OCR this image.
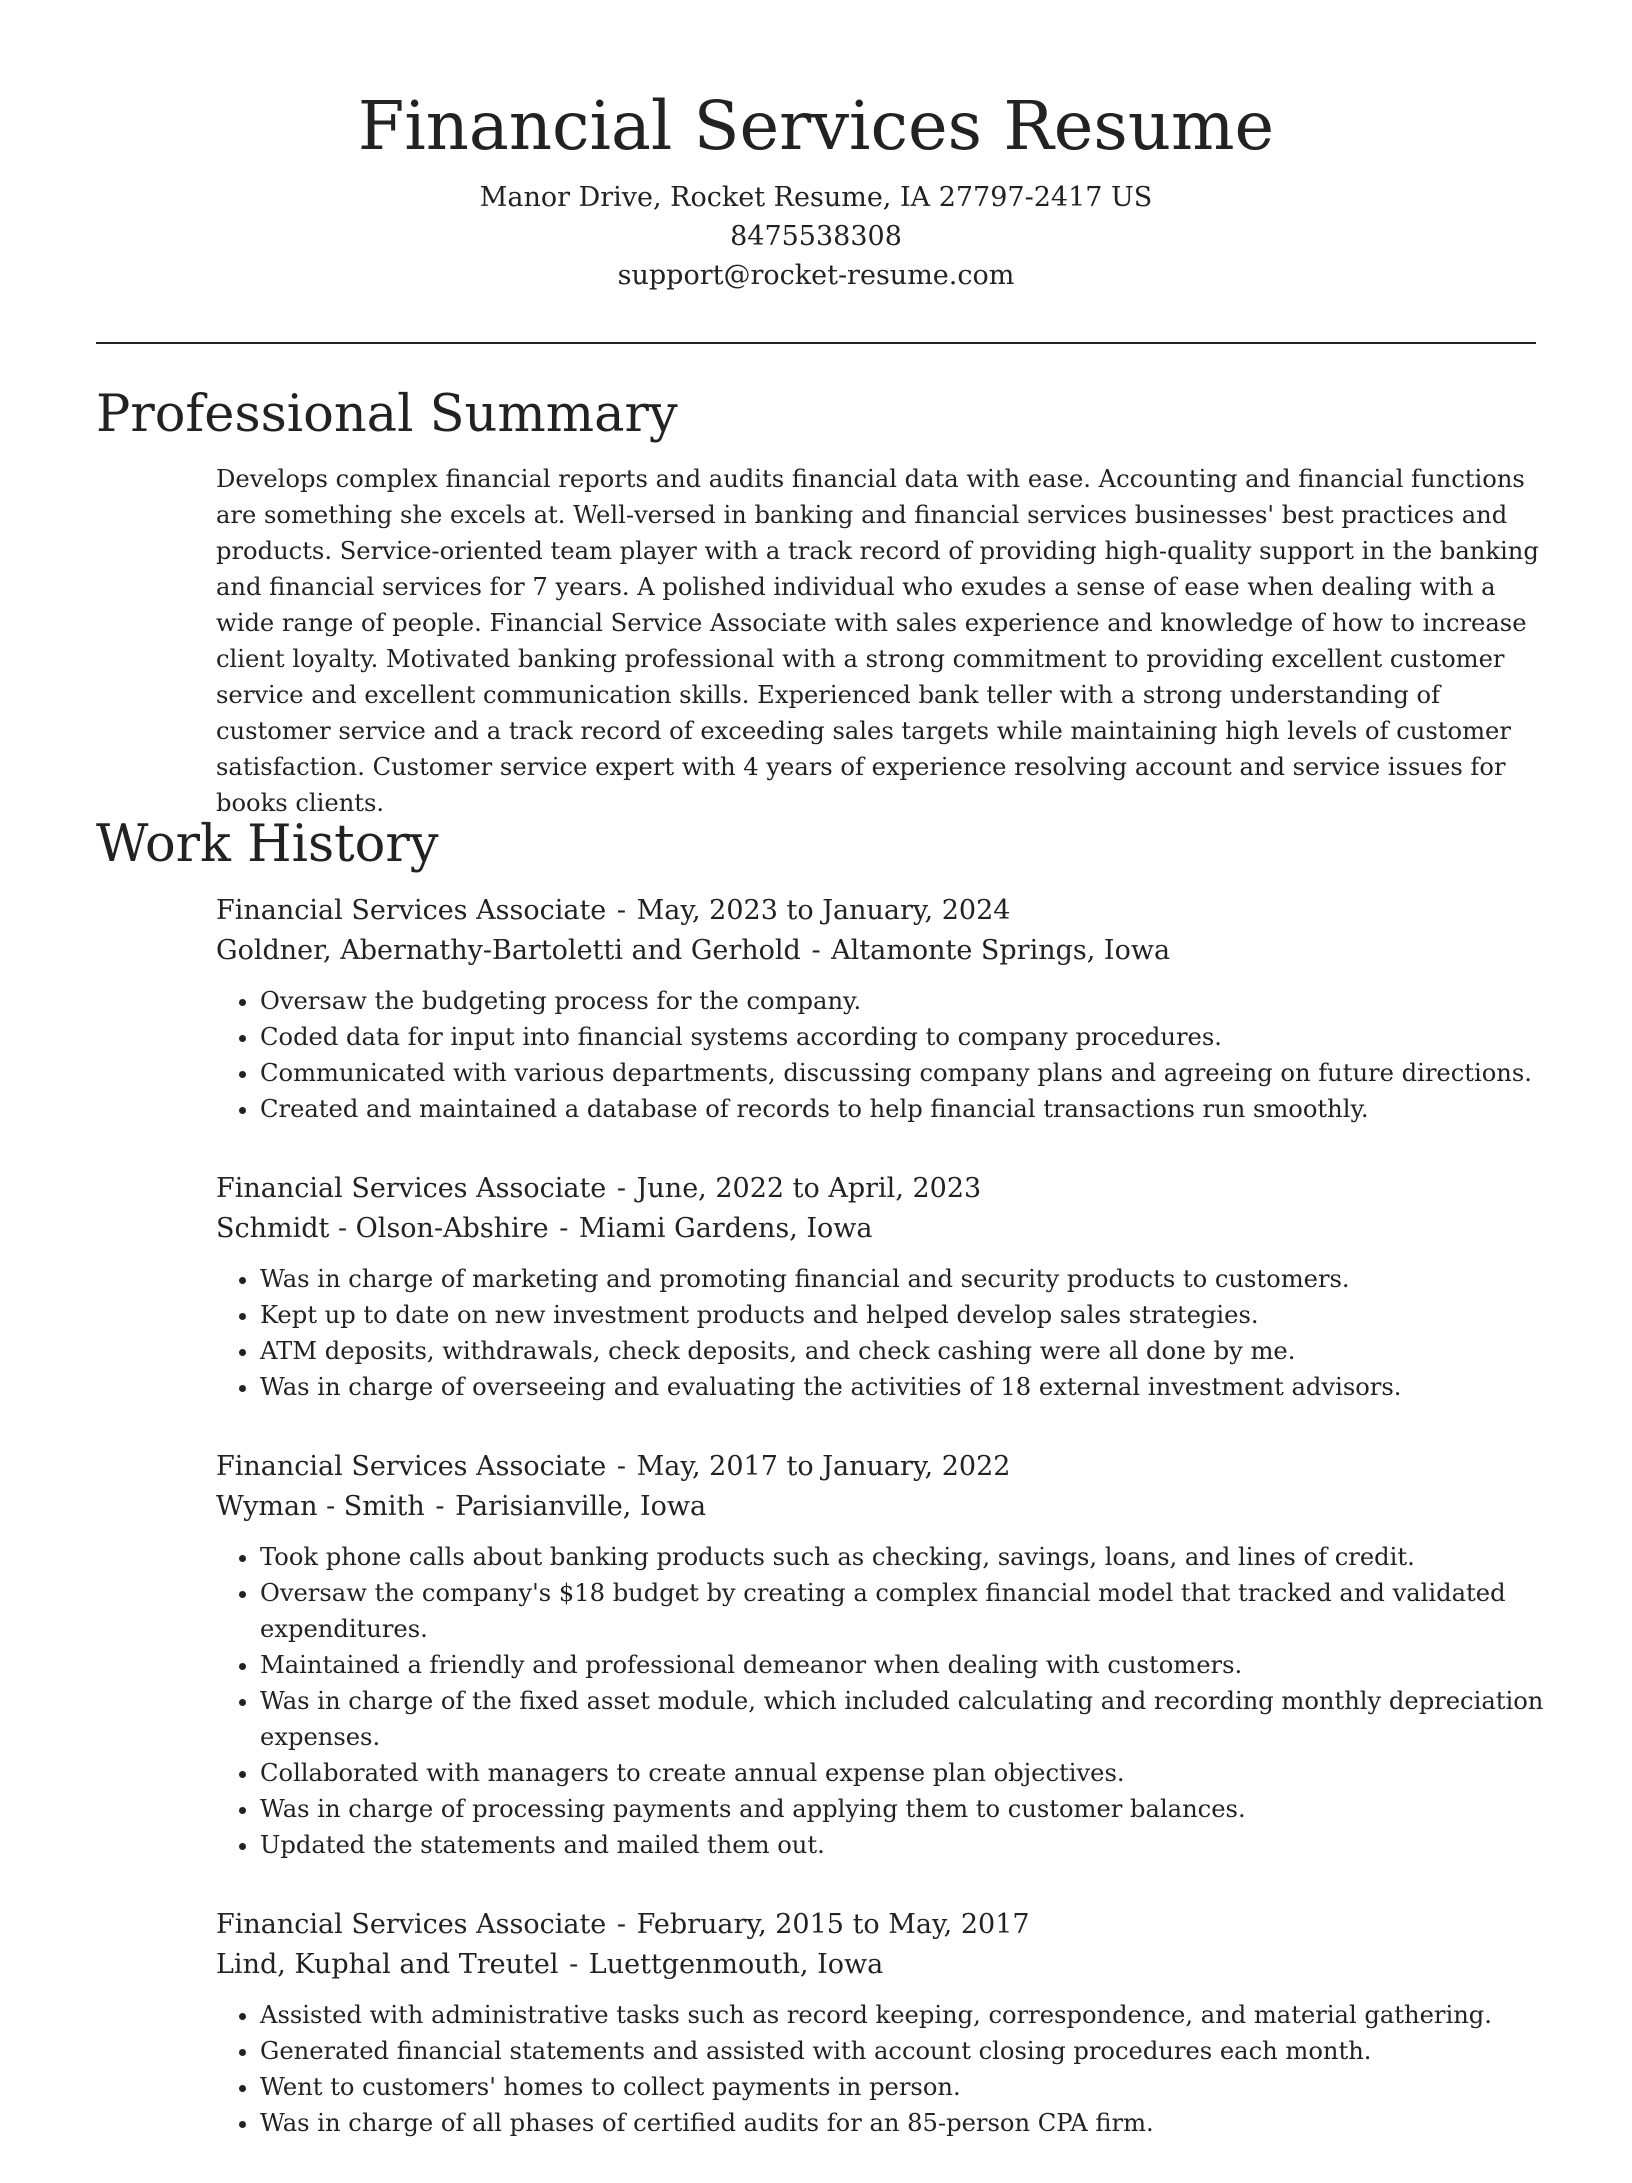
Financial Services Resume
Manor Drive, Rocket Resume, IA 27797-2417 US
8475538308
support@rocket-resume.com
Professional Summary
Develops complex financial reports and audits financial data with ease. Accounting and financial functions are something she excels at. Well-versed in banking and financial services businesses' best practices and products. Service-oriented team player with a track record of providing high-quality support in the banking and financial services for 7 years. A polished individual who exudes a sense of ease when dealing with a wide range of people. Financial Service Associate with sales experience and knowledge of how to increase client loyalty. Motivated banking professional with a strong commitment to providing excellent customer service and excellent communication skills. Experienced bank teller with a strong understanding of customer service and a track record of exceeding sales targets while maintaining high levels of customer satisfaction. Customer service expert with 4 years of experience resolving account and service issues for books clients.
Work History
Financial Services Associate - May, 2023 to January, 2024
Goldner, Abernathy-Bartoletti and Gerhold - Altamonte Springs, Iowa
• Oversaw the budgeting process for the company.
• Coded data for input into financial systems according to company procedures.
• Communicated with various departments, discussing company plans and agreeing on future directions.
• Created and maintained a database of records to help financial transactions run smoothly.
Financial Services Associate - June, 2022 to April, 2023
Schmidt - Olson-Abshire - Miami Gardens, Iowa
• Was in charge of marketing and promoting financial and security products to customers.
• Kept up to date on new investment products and helped develop sales strategies.
• ATM deposits, withdrawals, check deposits, and check cashing were all done by me.
• Was in charge of overseeing and evaluating the activities of 18 external investment advisors.
Financial Services Associate - May, 2017 to January, 2022
Wyman - Smith - Parisianville, Iowa
• Took phone calls about banking products such as checking, savings, loans, and lines of credit.
• Oversaw the company's $18 budget by creating a complex financial model that tracked and validated expenditures.
• Maintained a friendly and professional demeanor when dealing with customers.
• Was in charge of the fixed asset module, which included calculating and recording monthly depreciation expenses.
• Collaborated with managers to create annual expense plan objectives.
• Was in charge of processing payments and applying them to customer balances.
• Updated the statements and mailed them out.
Financial Services Associate - February, 2015 to May, 2017
Lind, Kuphal and Treutel - Luettgenmouth, Iowa
• Assisted with administrative tasks such as record keeping, correspondence, and material gathering.
• Generated financial statements and assisted with account closing procedures each month.
• Went to customers' homes to collect payments in person.
• Was in charge of all phases of certified audits for an 85-person CPA firm.
